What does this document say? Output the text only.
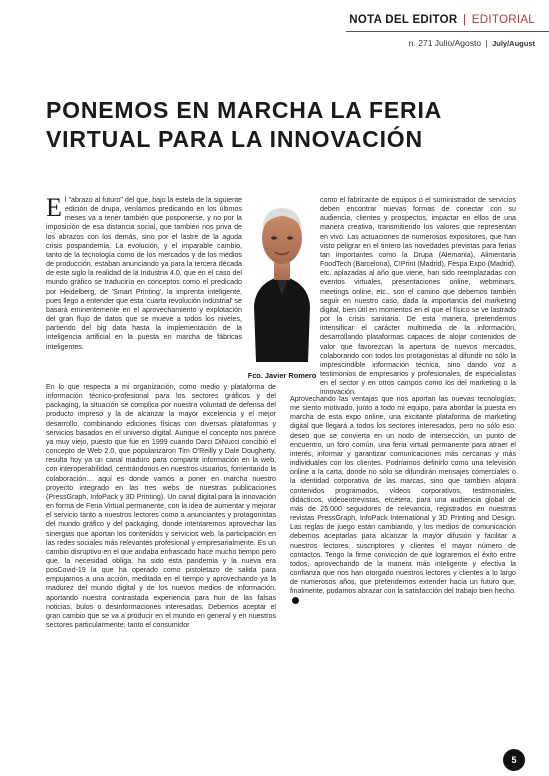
NOTA DEL EDITOR | EDITORIAL
n. 271 Julio/Agosto | July/August
PONEMOS EN MARCHA LA FERIA VIRTUAL PARA LA INNOVACIÓN
E l "abrazo al futuro" del que, bajo la estela de la siguiente edición de drupa, veníamos predicando en los últimos meses va a tener también que posponerse, y no por la imposición de esa distancia social, que también nos priva de los abrazos con los demás, sino por el lastre de la aguda crisis pospandemia. La evolución, y el imparable cambio, tanto de la tecnología como de los mercados y de los medios de producción, estaban anunciando ya para la tercera década de este siglo la realidad de la Industria 4.0, que en el caso del mundo gráfico se traduciría en conceptos como el predicado por Heidelberg, de 'Smart Printing', la imprenta inteligente, pues llego a entender que esta 'cuarta revolución industrial' se basará eminentemente en el aprovechamiento y explotación del gran flujo de datos que se mueve a todos los niveles, partiendo del big data hasta la implementación de la inteligencia artificial en la puesta en marcha de fábricas inteligentes.
Fco. Javier Romero
En lo que respecta a mi organización, como medio y plataforma de información técnico-profesional para los sectores gráficos y del packaging, la situación se complica por nuestra voluntad de defensa del producto impreso y la de alcanzar la mayor excelencia y el mejor desarrollo, combinando ediciones físicas con diversas plataformas y servicios basados en el universo digital. Aunque el concepto nos parece ya muy viejo, puesto que fue en 1999 cuando Darci DiNucci concibió el concepto de Web 2.0, que popularizaron Tim O'Reilly y Dale Dougherty, resulta hoy ya un canal maduro para compartir información en la web, con interoperabilidad, centrándonos en nuestros usuarios, fomentando la colaboración… aquí es donde vamos a poner en marcha nuestro proyecto integrado en las tres webs de nuestras publicaciones (PressGraph, InfoPack y 3D Printing). Un canal digital para la innovación en forma de Feria Virtual permanente, con la idea de aumentar y mejorar el servicio tanto a nuestros lectores como a anunciantes y protagonistas del mundo gráfico y del packaging, donde intentaremos aprovechar las sinergias que aportan los contenidos y servicios web, la participación en las redes sociales más relevantes profesional y empresarialmente. Es un cambio disruptivo en el que andaba enfrascado hace mucho tiempo pero que, la necesidad obliga, ha sido esta pandemia y la nueva era posCovid-19 la que ha operado como pistoletazo de salida para empujarnos a una acción, meditada en el tiempo y aprovechando ya la madurez del mundo digital y de los nuevos medios de información, aportando nuestra contrastada experiencia para huir de las falsas noticias, bulos o desinformaciones interesadas. Debemos aceptar el gran cambio que se va a producir en el mundo en general y en nuestros sectores particularmente: tanto el consumidor
como el fabricante de equipos o el suministrador de servicios deben encontrar nuevas formas de conectar con su audiencia, clientes y prospectos, impactar en ellos de una manera creativa, transmitiendo los valores que representan en vivo. Las actuaciones de numerosos expositores, que han visto peligrar en el tintero las novedades previstas para ferias tan importantes como la Drupa (Alemania), Alimentaria FoodTech (Barcelona), C!Print (Madrid), Fespa Expo (Madrid), etc. aplazadas al año que viene, han sido reemplazadas con eventos virtuales, presentaciones online, webminars, meetings online, etc., son el camino que debemos también seguir en nuestro caso, dada la importancia del marketing digital, bien útil en momentos en el que el físico se ve lastrado por la crisis sanitaria. De esta manera, pretendemos intensificar el carácter multimedia de la información, desarrollando plataformas capaces de alojar contenidos de valor que favorezcan la apertura de nuevos mercados, colaborando con todos los protagonistas al difundir no sólo la imprescindible información técnica, sino dando voz a testimonios de empresarios y profesionales, de especialistas en el sector y en otros campos como los del marketing o la innovación.
Aprovechando las ventajas que nos aportan las nuevas tecnologías; me siento motivado, junto a todo mi equipo, para abordar la puesta en marcha de esta expo online, una excitante plataforma de marketing digital que llegará a todos los sectores interesados, pero no sólo eso: deseo que se convierta en un nodo de intersección, un punto de encuentro, un foro común, una feria virtual permanente para atraer el interés, informar y garantizar comunicaciones más cercanas y más individuales con los clientes. Podríamos definirlo como una televisión online a la carta, donde no sólo se difundirán mensajes comerciales o la identidad corporativa de las marcas, sino que también alojará contenidos programados, vídeos corporativos, testimoniales, didácticos, videoentrevistas, etcétera, para una audiencia global de más de 25.000 seguidores de relevancia, registrados en nuestras revistas PressGraph, InfoPack International y 3D Printing and Design. Las reglas de juego están cambiando, y los medios de comunicación debemos aceptarlas para alcanzar la mayor difusión y facilitar a nuestros lectores, suscriptores y clientes el mayor número de contactos. Tengo la firme convicción de que lograremos el éxito entre todos, aprovechando de la manera más inteligente y efectiva la confianza que nos han otorgado nuestros lectores y clientes a lo largo de numerosos años, que pretendemos extender hacia un futuro que, finalmente, podamos abrazar con la satisfacción del trabajo bien hecho.
5
